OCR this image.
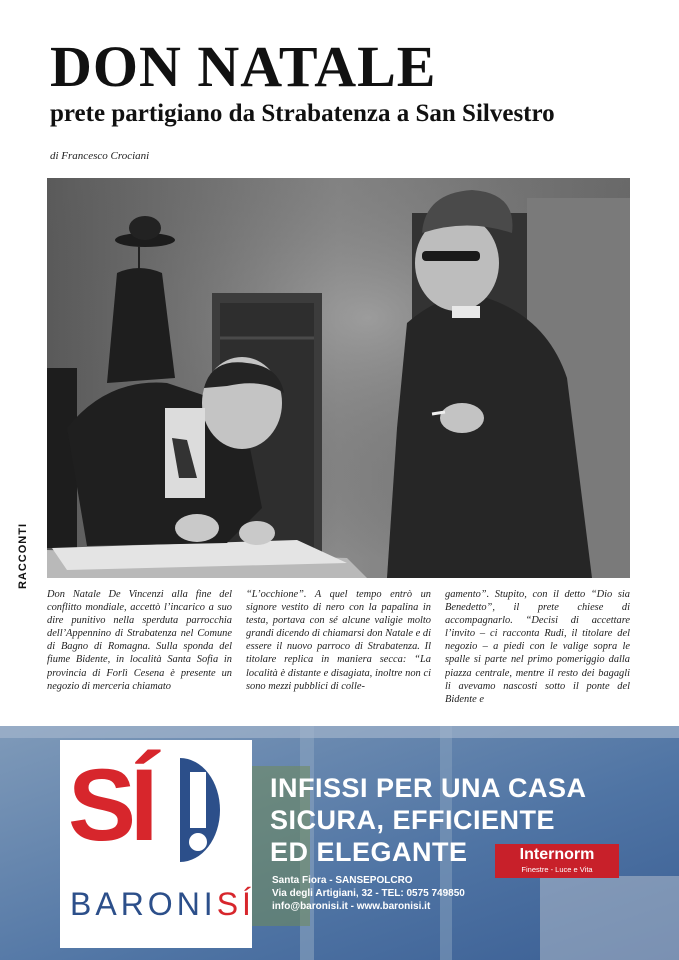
DON NATALE
prete partigiano da Strabatenza a San Silvestro
di Francesco Crociani
RACCONTI
Don Natale De Vincenzi alla fine del conflitto mondiale, accettò l’incarico a suo dire punitivo nella sperduta parrocchia dell’Appennino di Strabatenza nel Comune di Bagno di Romagna. Sulla sponda del fiume Bidente, in località Santa Sofia in provincia di Forlì Cesena è presente un negozio di merceria chiamato
“L’occhione”. A quel tempo entrò un signore vestito di nero con la papalina in testa, portava con sé alcune valigie molto grandi dicendo di chiamarsi don Natale e di essere il nuovo parroco di Strabatenza. Il titolare replica in maniera secca: “La località è distante e disagiata, inoltre non ci sono mezzi pubblici di colle-
gamento”. Stupito, con il detto “Dio sia Benedetto”, il prete chiese di accompagnarlo. “Decisi di accettare l’invito – ci racconta Rudi, il titolare del negozio – a piedi con le valige sopra le spalle si parte nel primo pomeriggio dalla piazza centrale, mentre il resto dei bagagli li avevamo nascosti sotto il ponte del Bidente e
SÍ
BARONISÍ
INFISSI PER UNA CASA
SICURA, EFFICIENTE
ED ELEGANTE	Internorm
Finestre - Luce e Vita
Santa Fiora - SANSEPOLCRO
Via degli Artigiani, 32 - TEL: 0575 749850
info@baronisi.it - www.baronisi.it
